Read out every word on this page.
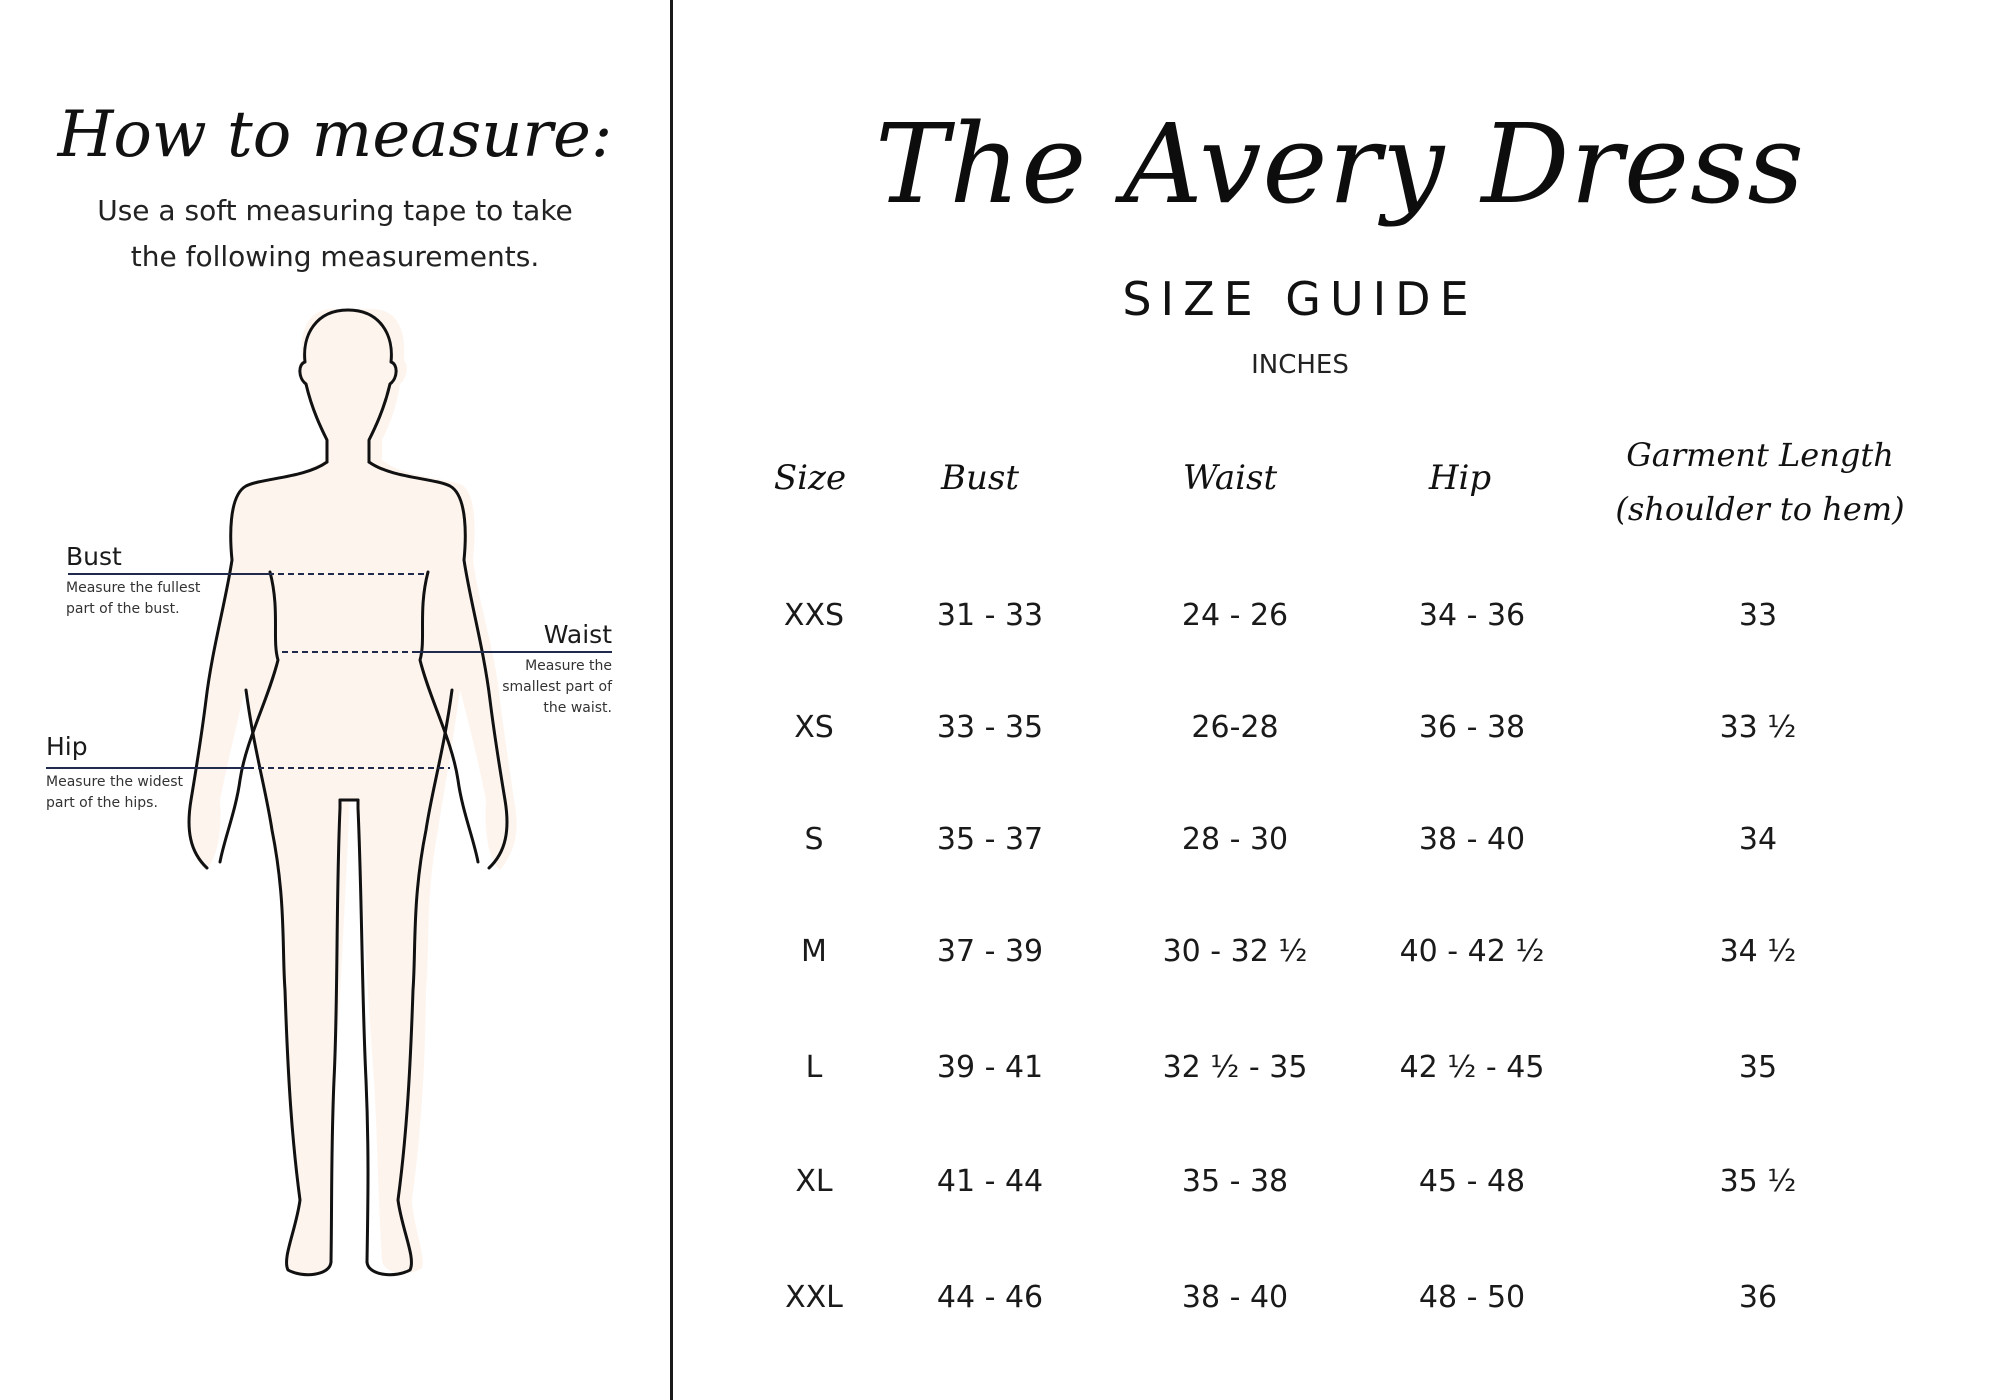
How to measure:
Use a soft measuring tape to take
the following measurements.
Bust
Measure the fullest
part of the bust.
Waist
Measure the
smallest part of
the waist.
Hip
Measure the widest
part of the hips.
The Avery Dress
SIZE GUIDE
INCHES
Size	Bust	Waist	Hip
Garment Length
(shoulder to hem)
XXS	31 - 33	24 - 26	34 - 36	33
XS	33 - 35	26-28	36 - 38	33 ½
S	35 - 37	28 - 30	38 - 40	34
M	37 - 39	30 - 32 ½	40 - 42 ½	34 ½
L	39 - 41	32 ½ - 35	42 ½ - 45	35
XL	41 - 44	35 - 38	45 - 48	35 ½
XXL	44 - 46	38 - 40	48 - 50	36
